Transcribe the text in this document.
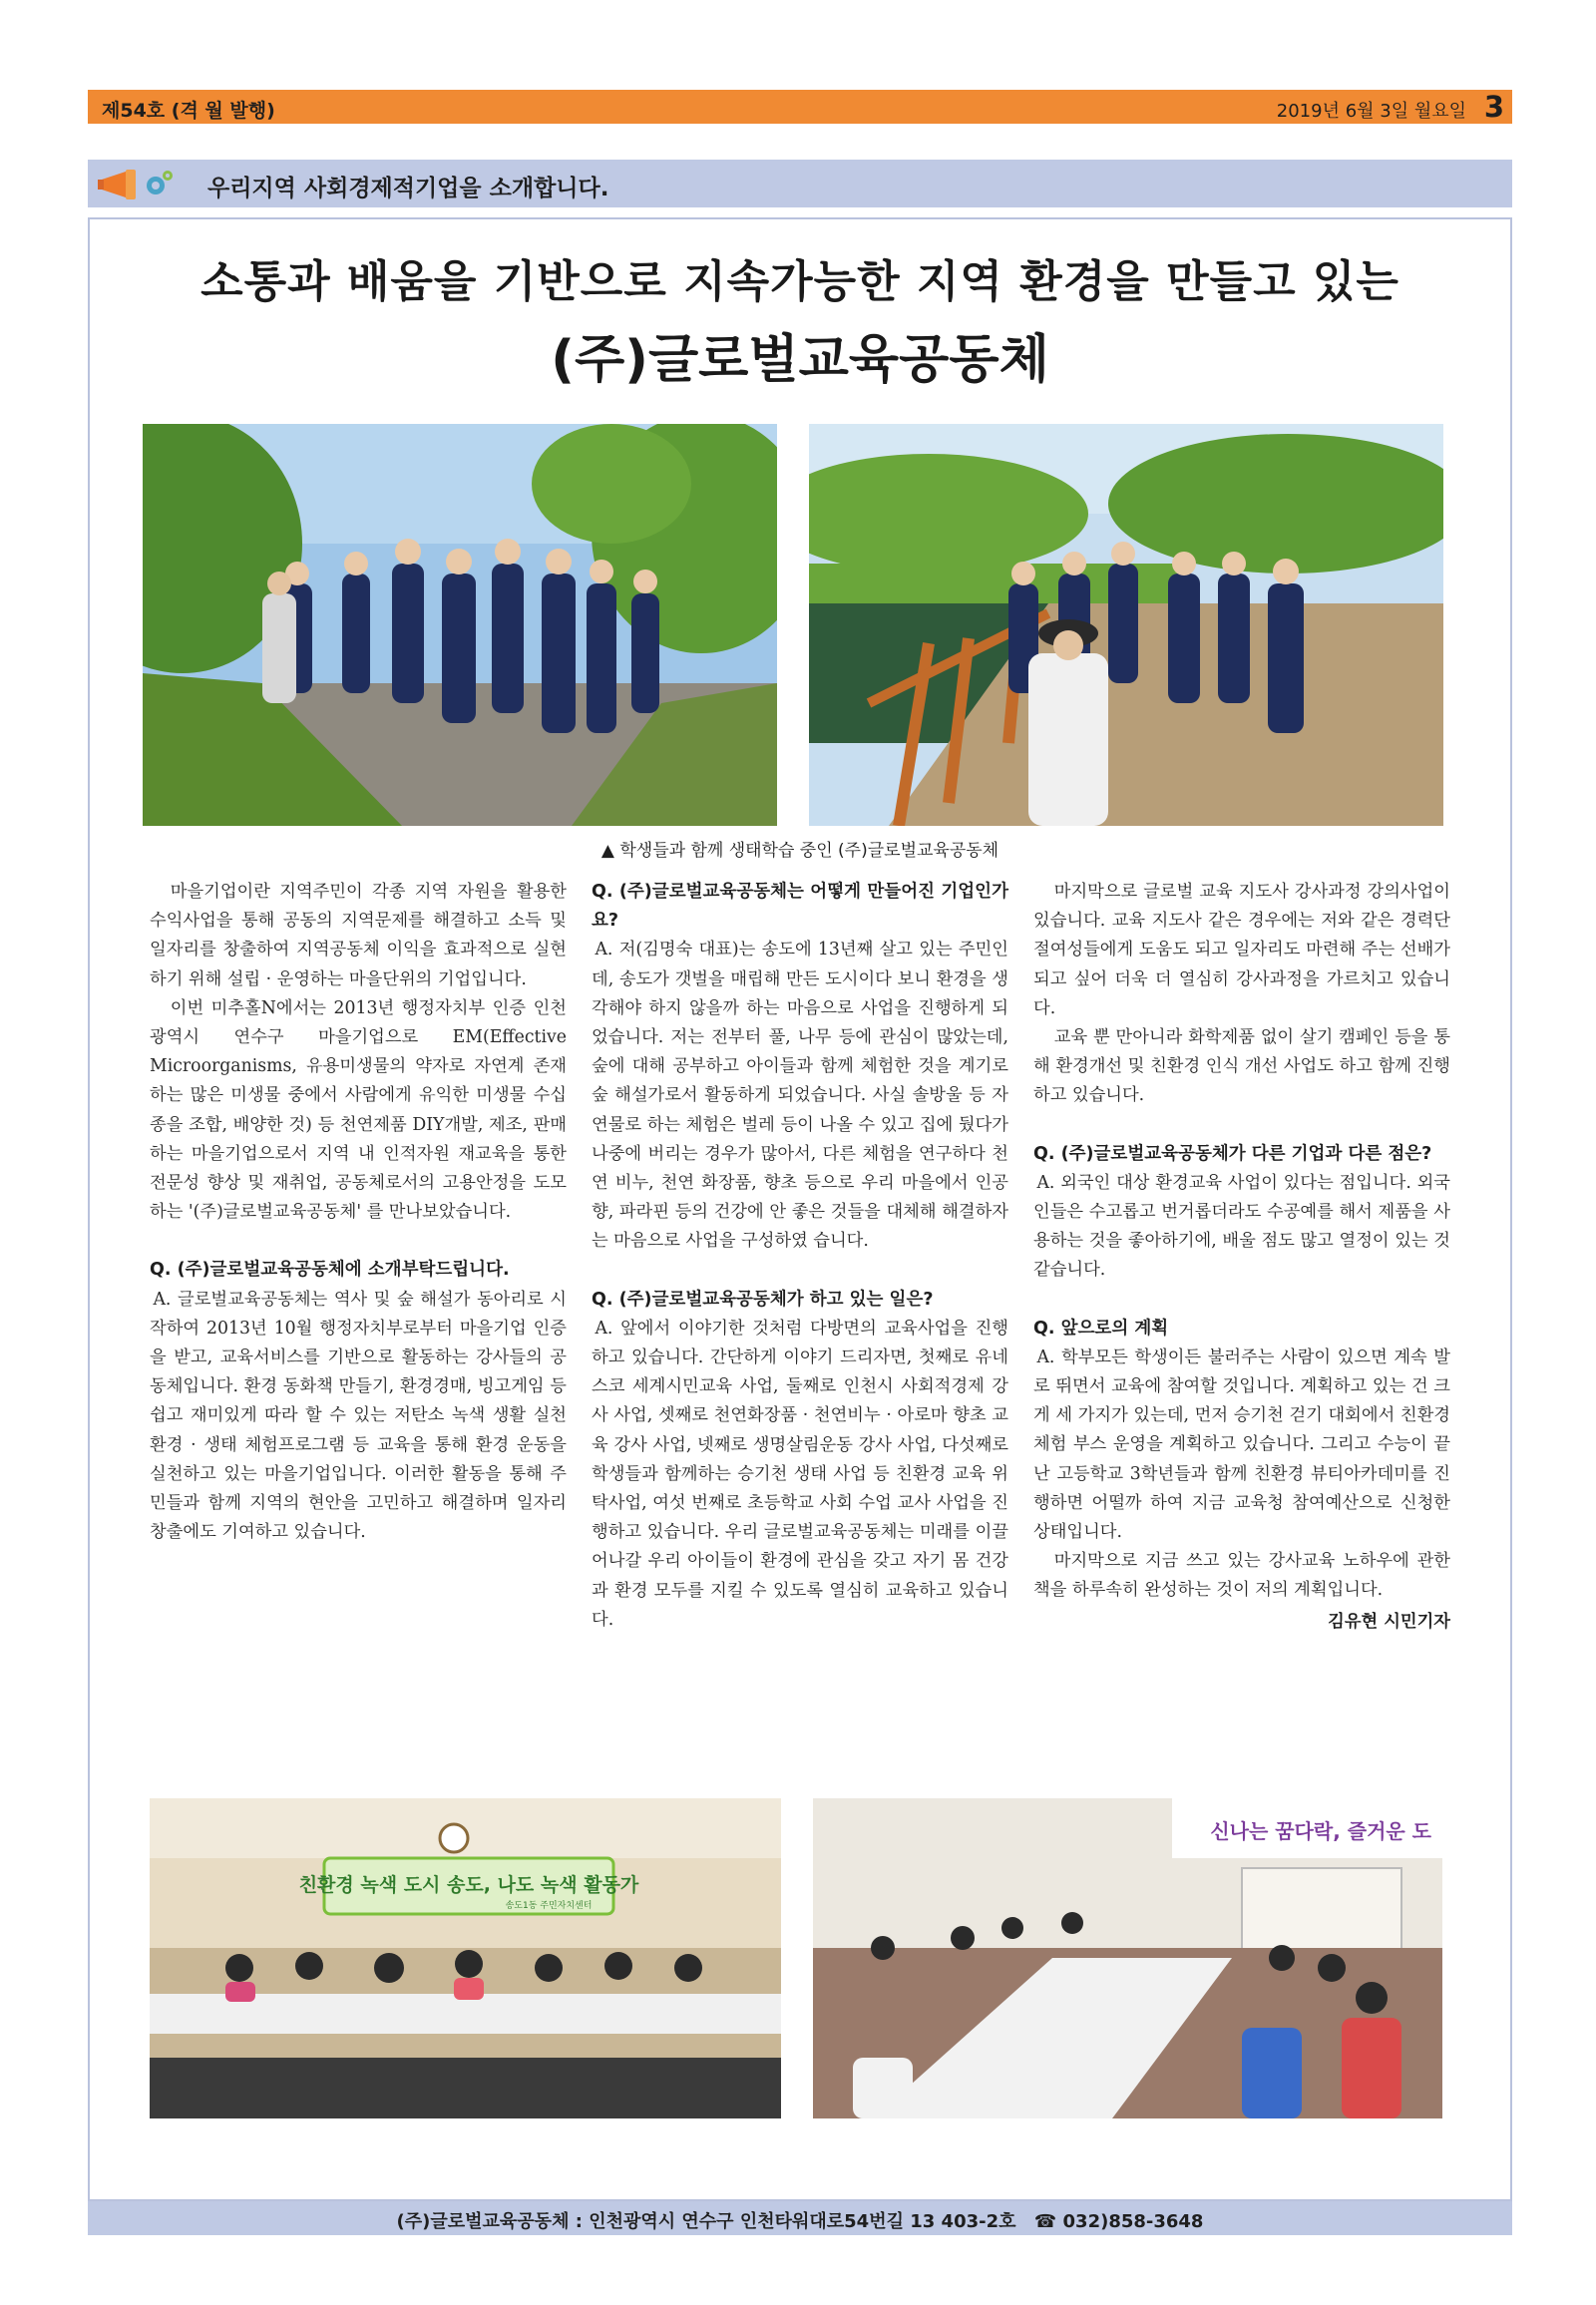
제54호 (격 월 발행)	2019년 6월 3일 월요일 3
우리지역 사회경제적기업을 소개합니다.
소통과 배움을 기반으로 지속가능한 지역 환경을 만들고 있는
(주)글로벌교육공동체
▲ 학생들과 함께 생태학습 중인 (주)글로벌교육공동체

마을기업이란 지역주민이 각종 지역 자원을 활용한 수익사업을 통해 공동의 지역문제를 해결하고 소득 및 일자리를 창출하여 지역공동체 이익을 효과적으로 실현하기 위해 설립 · 운영하는 마을단위의 기업입니다.

이번 미추홀N에서는 2013년 행정자치부 인증 인천광역시 연수구 마을기업으로 EM(Effective Microorganisms, 유용미생물의 약자로 자연계 존재하는 많은 미생물 중에서 사람에게 유익한 미생물 수십종을 조합, 배양한 것) 등 천연제품 DIY개발, 제조, 판매하는 마을기업으로서 지역 내 인적자원 재교육을 통한 전문성 향상 및 재취업, 공동체로서의 고용안정을 도모하는 '(주)글로벌교육공동체' 를 만나보았습니다.

Q. (주)글로벌교육공동체에 소개부탁드립니다.

A. 글로벌교육공동체는 역사 및 숲 해설가 동아리로 시작하여 2013년 10월 행정자치부로부터 마을기업 인증을 받고, 교육서비스를 기반으로 활동하는 강사들의 공동체입니다. 환경 동화책 만들기, 환경경매, 빙고게임 등 쉽고 재미있게 따라 할 수 있는 저탄소 녹색 생활 실천 환경 · 생태 체험프로그램 등 교육을 통해 환경 운동을 실천하고 있는 마을기업입니다. 이러한 활동을 통해 주민들과 함께 지역의 현안을 고민하고 해결하며 일자리 창출에도 기여하고 있습니다.

Q. (주)글로벌교육공동체는 어떻게 만들어진 기업인가요?

A. 저(김명숙 대표)는 송도에 13년째 살고 있는 주민인데, 송도가 갯벌을 매립해 만든 도시이다 보니 환경을 생각해야 하지 않을까 하는 마음으로 사업을 진행하게 되었습니다. 저는 전부터 풀, 나무 등에 관심이 많았는데, 숲에 대해 공부하고 아이들과 함께 체험한 것을 계기로 숲 해설가로서 활동하게 되었습니다. 사실 솔방울 등 자연물로 하는 체험은 벌레 등이 나올 수 있고 집에 뒀다가 나중에 버리는 경우가 많아서, 다른 체험을 연구하다 천연 비누, 천연 화장품, 향초 등으로 우리 마을에서 인공 향, 파라핀 등의 건강에 안 좋은 것들을 대체해 해결하자는 마음으로 사업을 구성하였 습니다.

Q. (주)글로벌교육공동체가 하고 있는 일은?

A. 앞에서 이야기한 것처럼 다방면의 교육사업을 진행하고 있습니다. 간단하게 이야기 드리자면, 첫째로 유네스코 세계시민교육 사업, 둘째로 인천시 사회적경제 강사 사업, 셋째로 천연화장품 · 천연비누 · 아로마 향초 교육 강사 사업, 넷째로 생명살림운동 강사 사업, 다섯째로 학생들과 함께하는 승기천 생태 사업 등 친환경 교육 위탁사업, 여섯 번째로 초등학교 사회 수업 교사 사업을 진행하고 있습니다. 우리 글로벌교육공동체는 미래를 이끌어나갈 우리 아이들이 환경에 관심을 갖고 자기 몸 건강과 환경 모두를 지킬 수 있도록 열심히 교육하고 있습니다.

마지막으로 글로벌 교육 지도사 강사과정 강의사업이 있습니다. 교육 지도사 같은 경우에는 저와 같은 경력단절여성들에게 도움도 되고 일자리도 마련해 주는 선배가 되고 싶어 더욱 더 열심히 강사과정을 가르치고 있습니다.

교육 뿐 만아니라 화학제품 없이 살기 캠페인 등을 통해 환경개선 및 친환경 인식 개선 사업도 하고 함께 진행하고 있습니다.

Q. (주)글로벌교육공동체가 다른 기업과 다른 점은?

A. 외국인 대상 환경교육 사업이 있다는 점입니다. 외국인들은 수고롭고 번거롭더라도 수공예를 해서 제품을 사용하는 것을 좋아하기에, 배울 점도 많고 열정이 있는 것 같습니다.

Q. 앞으로의 계획

A. 학부모든 학생이든 불러주는 사람이 있으면 계속 발로 뛰면서 교육에 참여할 것입니다. 계획하고 있는 건 크게 세 가지가 있는데, 먼저 승기천 걷기 대회에서 친환경 체험 부스 운영을 계획하고 있습니다. 그리고 수능이 끝난 고등학교 3학년들과 함께 친환경 뷰티아카데미를 진행하면 어떨까 하여 지금 교육청 참여예산으로 신청한 상태입니다.

마지막으로 지금 쓰고 있는 강사교육 노하우에 관한 책을 하루속히 완성하는 것이 저의 계획입니다.

김유현 시민기자

친환경 녹색 도시 송도, 나도 녹색 활동가
송도1동 주민자치센터
신나는 꿈다락, 즐거운 도
(주)글로벌교육공동체 : 인천광역시 연수구 인천타워대로54번길 13 403-2호 ☎ 032)858-3648
